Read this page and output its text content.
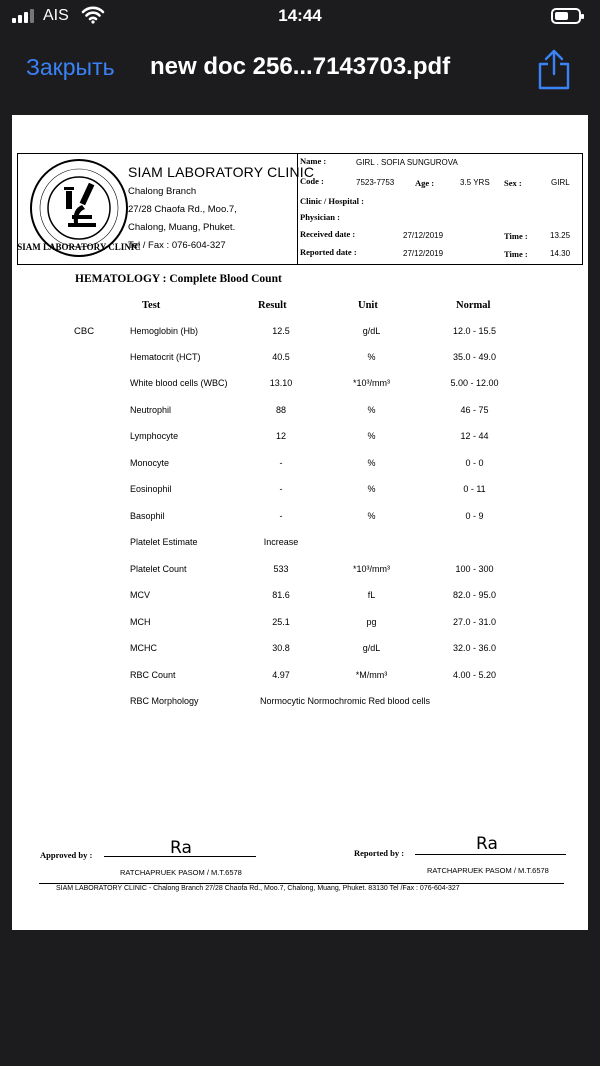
AIS	14:44
Закрыть new doc 256...7143703.pdf
SIAM LABORATORY CLINIC
SIAM LABORATORY CLINIC
Chalong Branch
27/28 Chaofa Rd., Moo.7,
Chalong, Muang, Phuket.
Tel / Fax : 076-604-327
Name :	GIRL . SOFIA SUNGUROVA
Code :	7523-7753 Age :	3.5 YRS Sex :	GIRL
Clinic / Hospital :
Physician :
Received date :	27/12/2019	Time :	13.25
Reported date :	27/12/2019	Time :	14.30
HEMATOLOGY : Complete Blood Count
Test	Result	Unit	Normal
CBC	Hemoglobin (Hb)	12.5	g/dL	12.0 - 15.5
Hematocrit (HCT)	40.5	%	35.0 - 49.0
White blood cells (WBC)	13.10	*10³/mm³	5.00 - 12.00
Neutrophil	88	%	46 - 75
Lymphocyte	12	%	12 - 44
Monocyte	-	%	0 - 0
Eosinophil	-	%	0 - 11
Basophil	-	%	0 - 9
Platelet Estimate	Increase
Platelet Count	533	*10³/mm³	100 - 300
MCV	81.6	fL	82.0 - 95.0
MCH	25.1	pg	27.0 - 31.0
MCHC	30.8	g/dL	32.0 - 36.0
RBC Count	4.97	*M/mm³	4.00 - 5.20
RBC Morphology	Normocytic Normochromic Red blood cells
Approved by :	Ra
RATCHAPRUEK PASOM / M.T.6578
Reported by :	Ra
RATCHAPRUEK PASOM / M.T.6578
SIAM LABORATORY CLINIC - Chalong Branch 27/28 Chaofa Rd., Moo.7, Chalong, Muang, Phuket. 83130 Tel /Fax : 076-604-327
